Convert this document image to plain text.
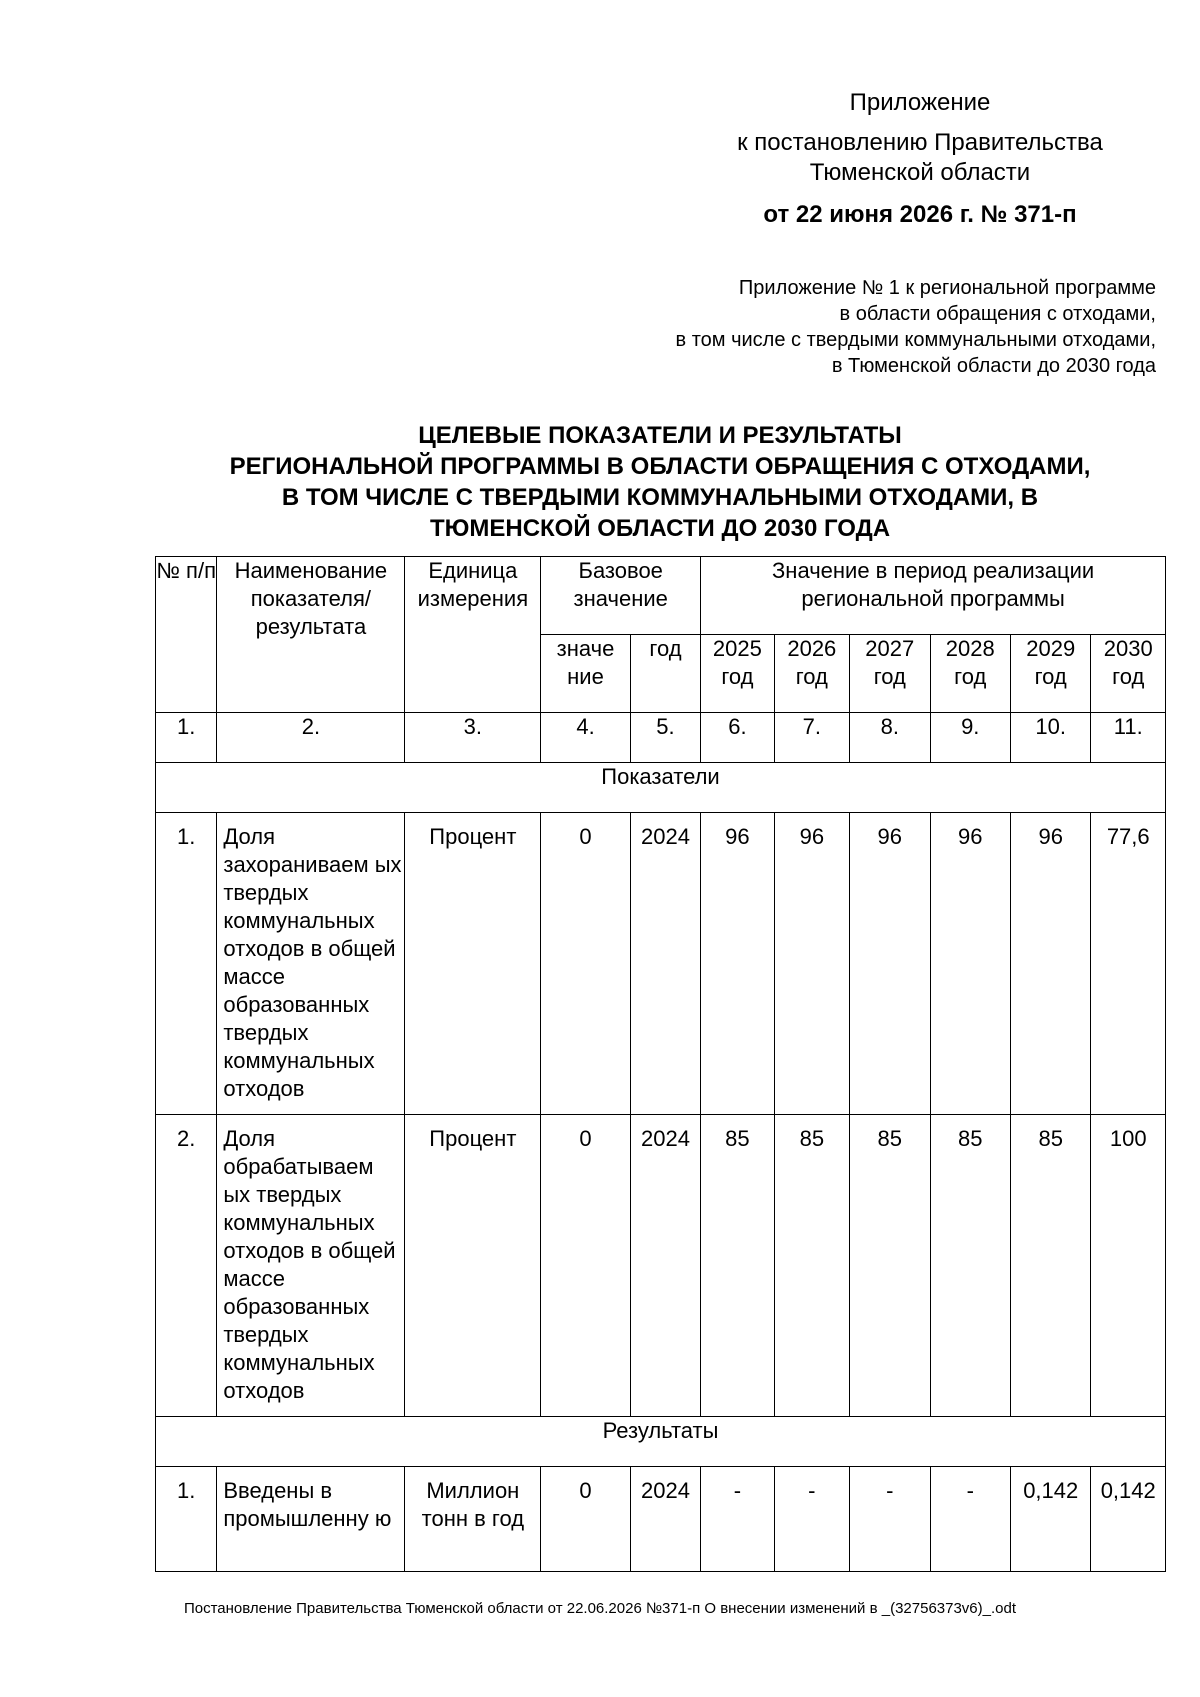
Приложение
к постановлению Правительства
Тюменской области
от 22 июня 2026 г. № 371-п
Приложение № 1 к региональной программе
в области обращения с отходами,
в том числе с твердыми коммунальными отходами,
в Тюменской области до 2030 года
ЦЕЛЕВЫЕ ПОКАЗАТЕЛИ И РЕЗУЛЬТАТЫ
РЕГИОНАЛЬНОЙ ПРОГРАММЫ В ОБЛАСТИ ОБРАЩЕНИЯ С ОТХОДАМИ,
В ТОМ ЧИСЛЕ С ТВЕРДЫМИ КОММУНАЛЬНЫМИ ОТХОДАМИ, В
ТЮМЕНСКОЙ ОБЛАСТИ ДО 2030 ГОДА
№ п/п	Наименование показателя/ результата	Единица измерения	Базовое значение		Значение в период реализации региональной программы					
			значе ние	год	2025 год	2026 год	2027 год	2028 год	2029 год	2030 год
1.	2.	3.	4.	5.	6.	7.	8.	9.	10.	11.
Показатели										
1.	Доля захораниваем ых твердых коммунальных отходов в общей массе образованных твердых коммунальных отходов	Процент	0	2024	96	96	96	96	96	77,6
2.	Доля обрабатываем ых твердых коммунальных отходов в общей массе образованных твердых коммунальных отходов	Процент	0	2024	85	85	85	85	85	100
Результаты										
1.	Введены в промышленну ю	Миллион тонн в год	0	2024	-	-	-	-	0,142	0,142
Постановление Правительства Тюменской области от 22.06.2026 №371-п О внесении изменений в _(32756373v6)_.odt
